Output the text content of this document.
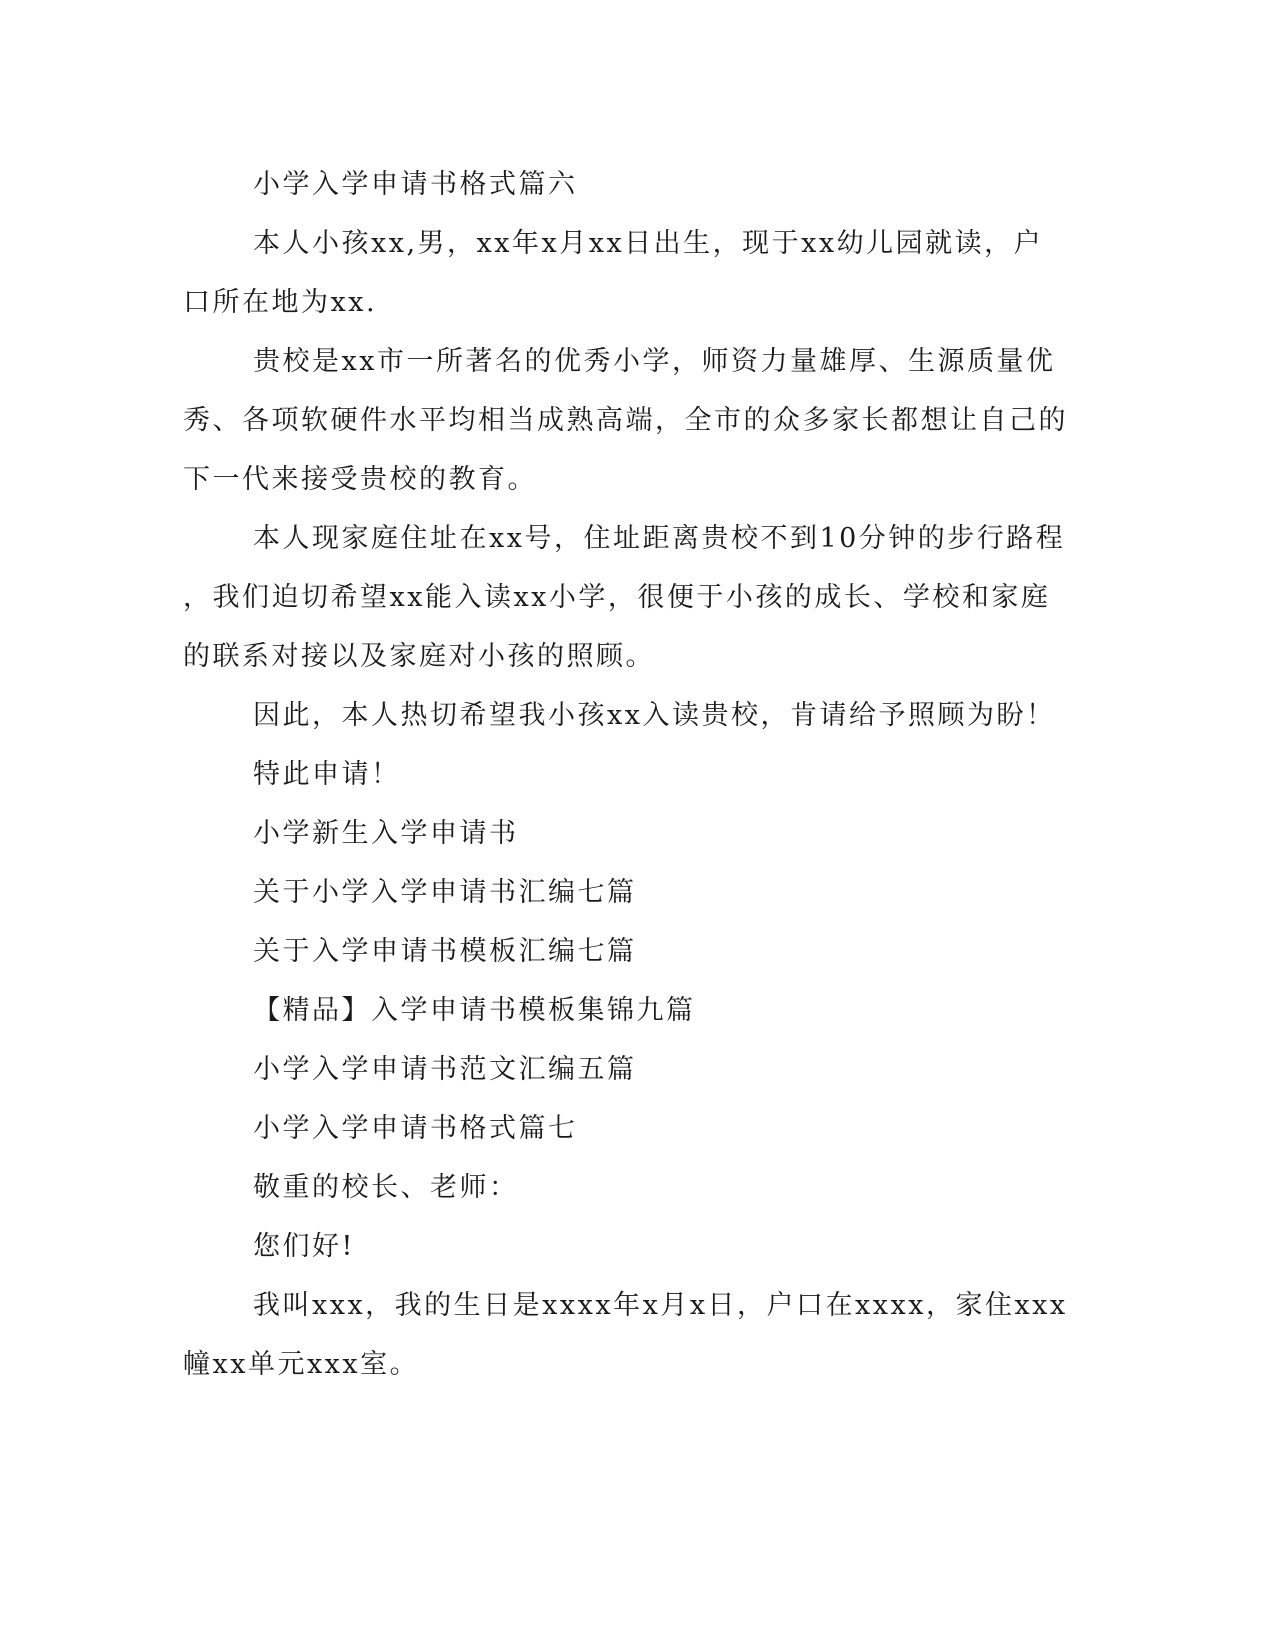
小学入学申请书格式篇六

本人小孩xx,男，xx年x月xx日出生，现于xx幼儿园就读，户

口所在地为xx.

贵校是xx市一所著名的优秀小学，师资力量雄厚、生源质量优

秀、各项软硬件水平均相当成熟高端，全市的众多家长都想让自己的

下一代来接受贵校的教育。

本人现家庭住址在xx号，住址距离贵校不到10分钟的步行路程

，我们迫切希望xx能入读xx小学，很便于小孩的成长、学校和家庭

的联系对接以及家庭对小孩的照顾。

因此，本人热切希望我小孩xx入读贵校，肯请给予照顾为盼！

特此申请！

小学新生入学申请书

关于小学入学申请书汇编七篇

关于入学申请书模板汇编七篇

【精品】入学申请书模板集锦九篇

小学入学申请书范文汇编五篇

小学入学申请书格式篇七

敬重的校长、老师：

您们好!

我叫xxx，我的生日是xxxx年x月x日，户口在xxxx，家住xxx

幢xx单元xxx室。
